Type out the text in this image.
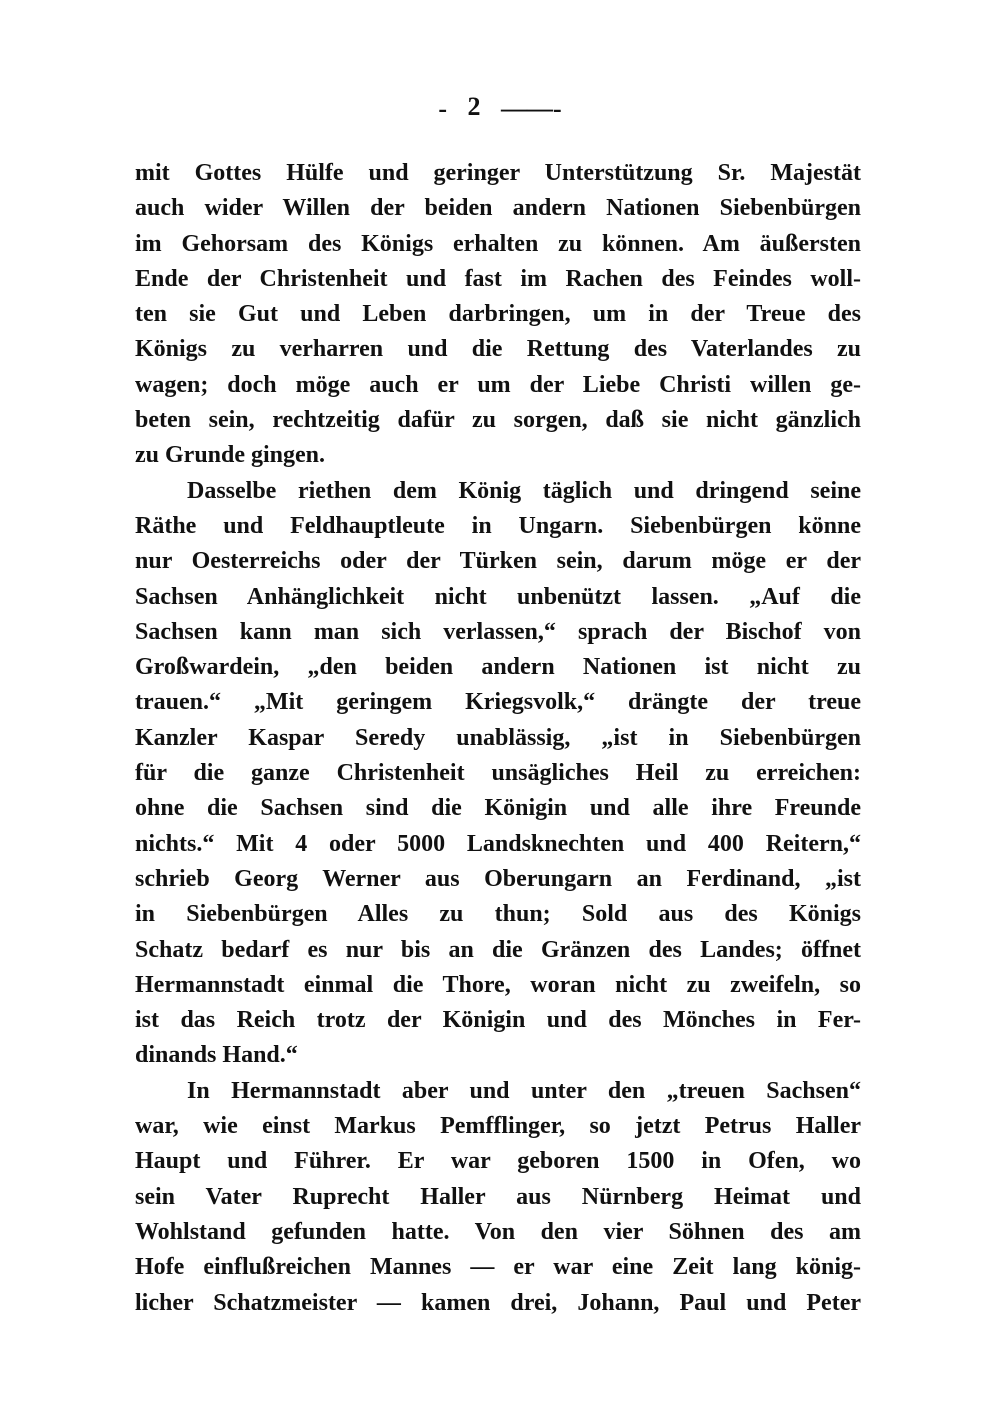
- 2 ——-
mit Gottes Hülfe und geringer Unterstützung Sr. Majestät
auch wider Willen der beiden andern Nationen Siebenbürgen
im Gehorsam des Königs erhalten zu können. Am äußersten
Ende der Christenheit und fast im Rachen des Feindes woll-
ten sie Gut und Leben darbringen, um in der Treue des
Königs zu verharren und die Rettung des Vaterlandes zu
wagen; doch möge auch er um der Liebe Christi willen ge-
beten sein, rechtzeitig dafür zu sorgen, daß sie nicht gänzlich
zu Grunde gingen.
Dasselbe riethen dem König täglich und dringend seine
Räthe und Feldhauptleute in Ungarn. Siebenbürgen könne
nur Oesterreichs oder der Türken sein, darum möge er der
Sachsen Anhänglichkeit nicht unbenützt lassen. „Auf die
Sachsen kann man sich verlassen,“ sprach der Bischof von
Großwardein, „den beiden andern Nationen ist nicht zu
trauen.“ „Mit geringem Kriegsvolk,“ drängte der treue
Kanzler Kaspar Seredy unablässig, „ist in Siebenbürgen
für die ganze Christenheit unsägliches Heil zu erreichen:
ohne die Sachsen sind die Königin und alle ihre Freunde
nichts.“ Mit 4 oder 5000 Landsknechten und 400 Reitern,“
schrieb Georg Werner aus Oberungarn an Ferdinand, „ist
in Siebenbürgen Alles zu thun; Sold aus des Königs
Schatz bedarf es nur bis an die Gränzen des Landes; öffnet
Hermannstadt einmal die Thore, woran nicht zu zweifeln, so
ist das Reich trotz der Königin und des Mönches in Fer-
dinands Hand.“
In Hermannstadt aber und unter den „treuen Sachsen“
war, wie einst Markus Pemfflinger, so jetzt Petrus Haller
Haupt und Führer. Er war geboren 1500 in Ofen, wo
sein Vater Ruprecht Haller aus Nürnberg Heimat und
Wohlstand gefunden hatte. Von den vier Söhnen des am
Hofe einflußreichen Mannes — er war eine Zeit lang könig-
licher Schatzmeister — kamen drei, Johann, Paul und Peter
